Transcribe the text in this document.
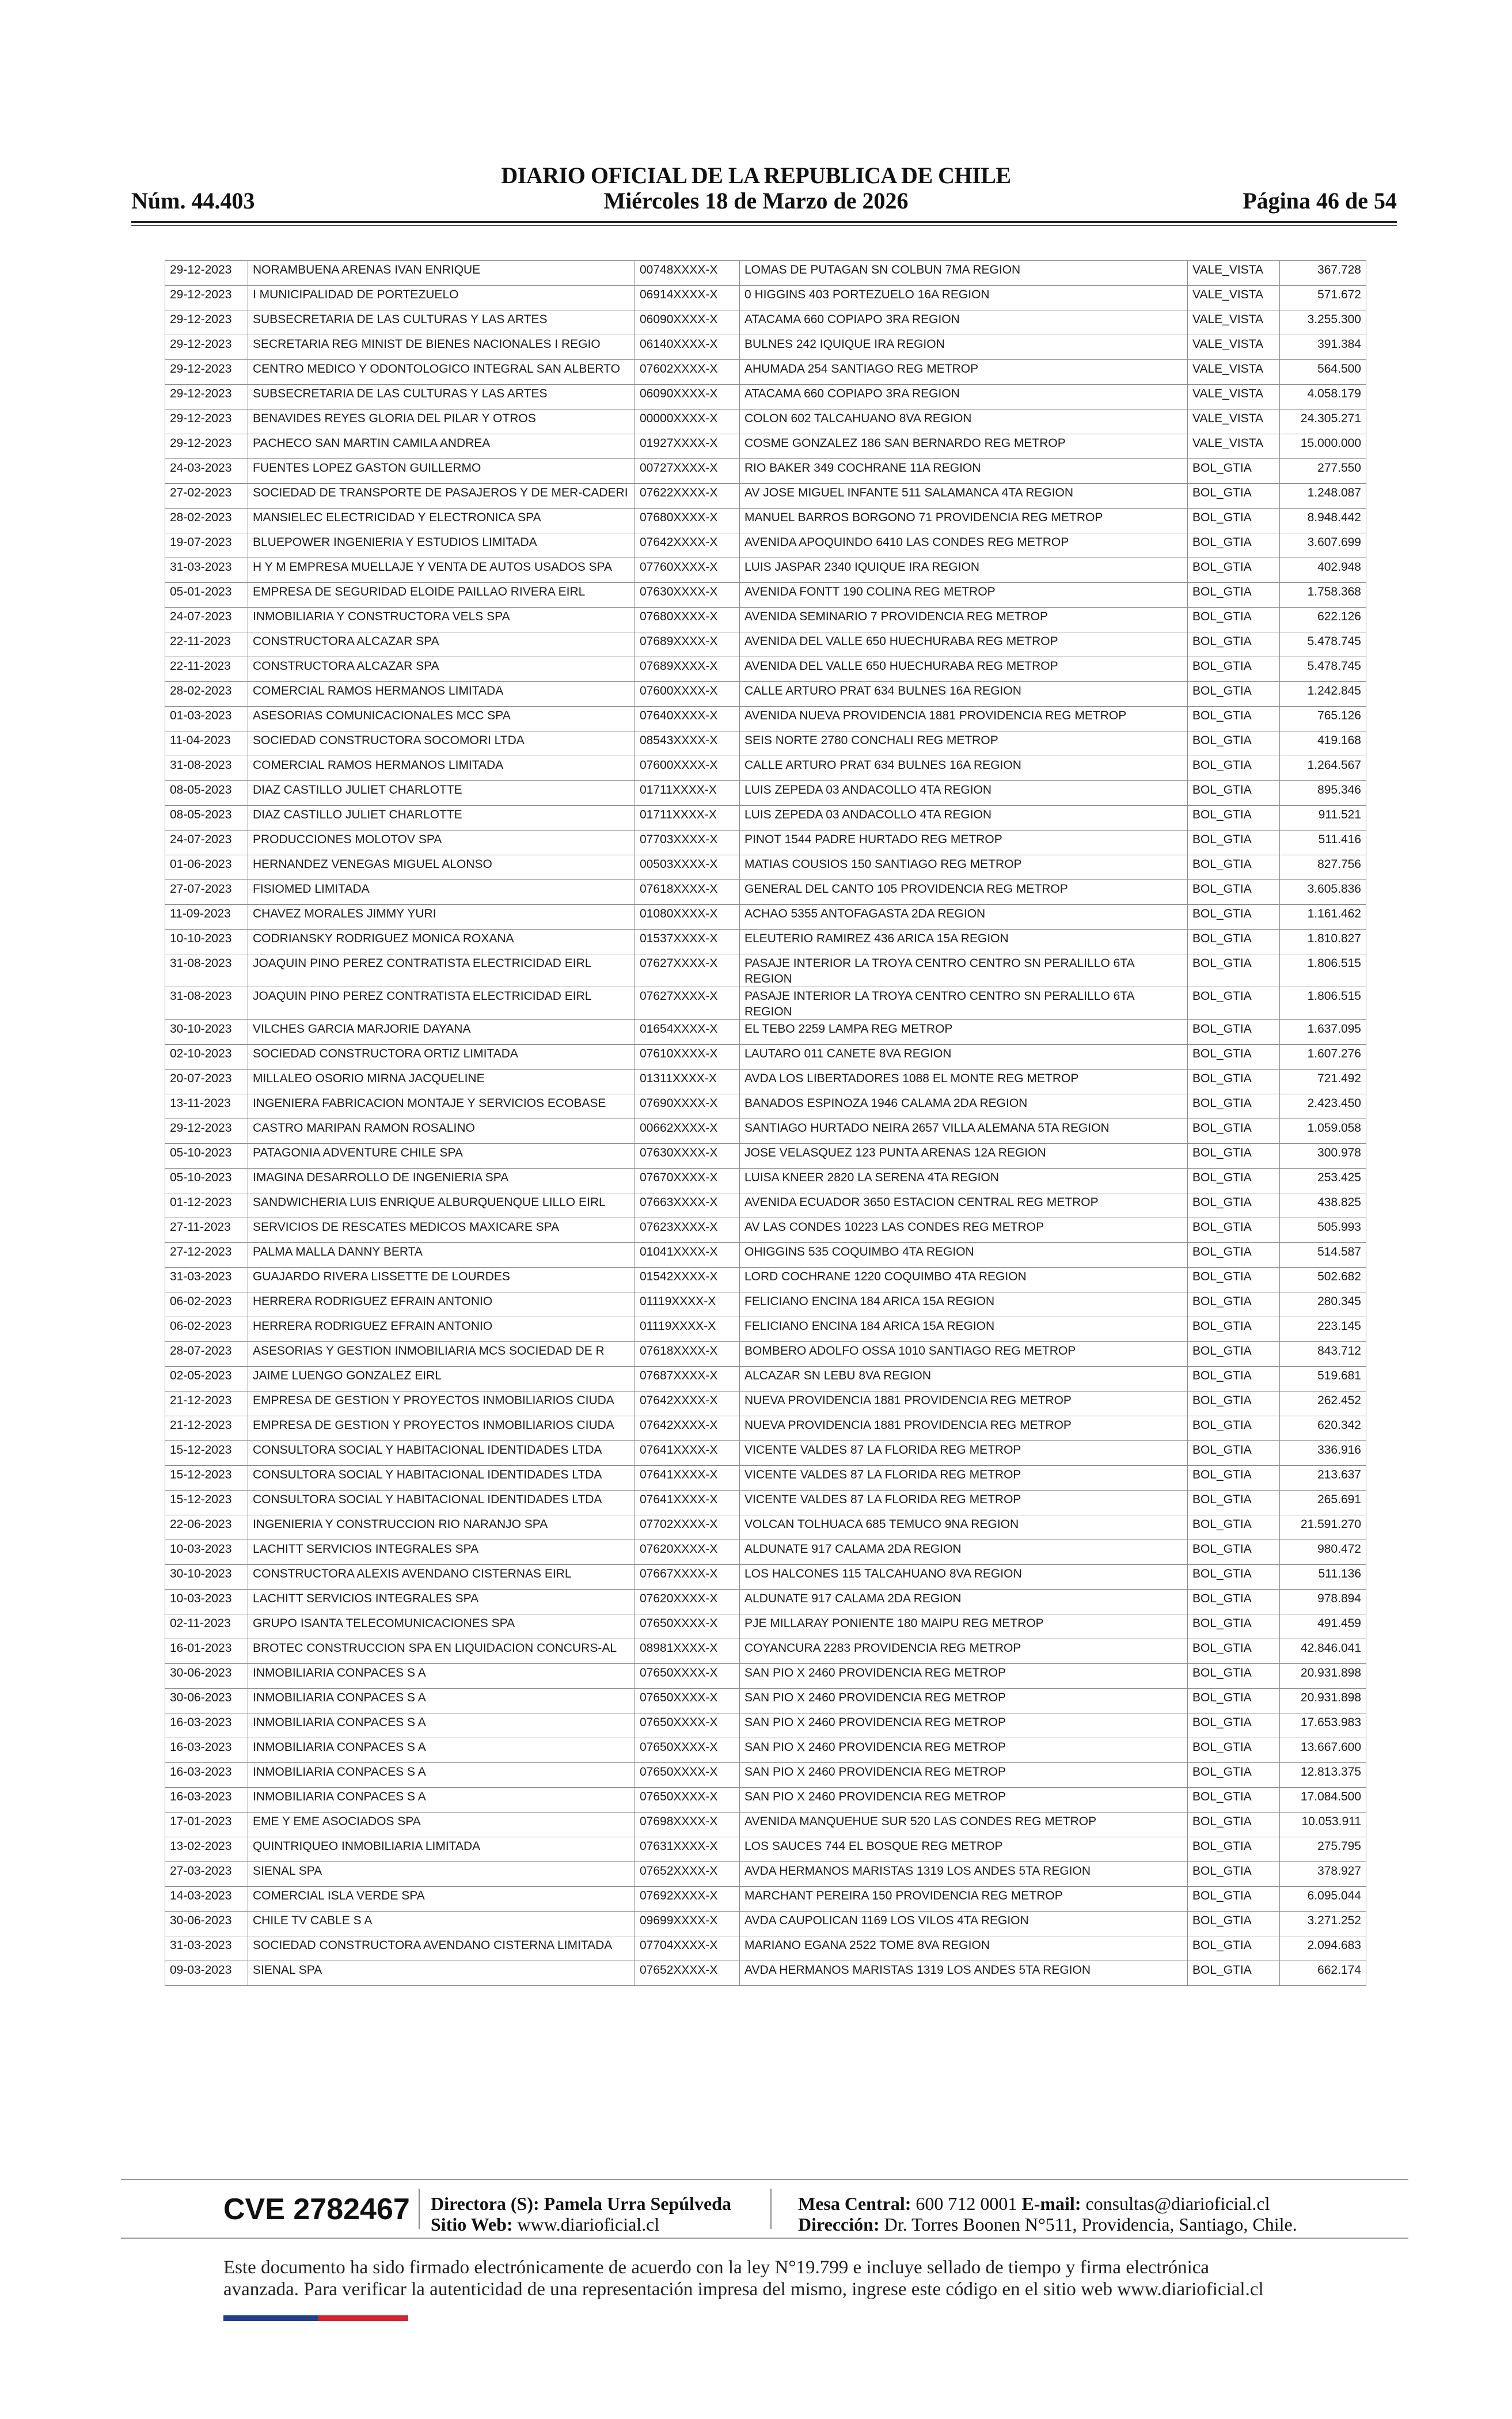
DIARIO OFICIAL DE LA REPUBLICA DE CHILE
Núm. 44.403	Miércoles 18 de Marzo de 2026	Página 46 de 54
29-12-2023	NORAMBUENA ARENAS IVAN ENRIQUE	00748XXXX-X	LOMAS DE PUTAGAN SN COLBUN 7MA REGION	VALE_VISTA	367.728
29-12-2023	I MUNICIPALIDAD DE PORTEZUELO	06914XXXX-X	0 HIGGINS 403 PORTEZUELO 16A REGION	VALE_VISTA	571.672
29-12-2023	SUBSECRETARIA DE LAS CULTURAS Y LAS ARTES	06090XXXX-X	ATACAMA 660 COPIAPO 3RA REGION	VALE_VISTA	3.255.300
29-12-2023	SECRETARIA REG MINIST DE BIENES NACIONALES I REGIO	06140XXXX-X	BULNES 242 IQUIQUE IRA REGION	VALE_VISTA	391.384
29-12-2023	CENTRO MEDICO Y ODONTOLOGICO INTEGRAL SAN ALBERTO	07602XXXX-X	AHUMADA 254 SANTIAGO REG METROP	VALE_VISTA	564.500
29-12-2023	SUBSECRETARIA DE LAS CULTURAS Y LAS ARTES	06090XXXX-X	ATACAMA 660 COPIAPO 3RA REGION	VALE_VISTA	4.058.179
29-12-2023	BENAVIDES REYES GLORIA DEL PILAR Y OTROS	00000XXXX-X	COLON 602 TALCAHUANO 8VA REGION	VALE_VISTA	24.305.271
29-12-2023	PACHECO SAN MARTIN CAMILA ANDREA	01927XXXX-X	COSME GONZALEZ 186 SAN BERNARDO REG METROP	VALE_VISTA	15.000.000
24-03-2023	FUENTES LOPEZ GASTON GUILLERMO	00727XXXX-X	RIO BAKER 349 COCHRANE 11A REGION	BOL_GTIA	277.550
27-02-2023	SOCIEDAD DE TRANSPORTE DE PASAJEROS Y DE MER-CADERI	07622XXXX-X	AV JOSE MIGUEL INFANTE 511 SALAMANCA 4TA REGION	BOL_GTIA	1.248.087
28-02-2023	MANSIELEC ELECTRICIDAD Y ELECTRONICA SPA	07680XXXX-X	MANUEL BARROS BORGONO 71 PROVIDENCIA REG METROP	BOL_GTIA	8.948.442
19-07-2023	BLUEPOWER INGENIERIA Y ESTUDIOS LIMITADA	07642XXXX-X	AVENIDA APOQUINDO 6410 LAS CONDES REG METROP	BOL_GTIA	3.607.699
31-03-2023	H Y M EMPRESA MUELLAJE Y VENTA DE AUTOS USADOS SPA	07760XXXX-X	LUIS JASPAR 2340 IQUIQUE IRA REGION	BOL_GTIA	402.948
05-01-2023	EMPRESA DE SEGURIDAD ELOIDE PAILLAO RIVERA EIRL	07630XXXX-X	AVENIDA FONTT 190 COLINA REG METROP	BOL_GTIA	1.758.368
24-07-2023	INMOBILIARIA Y CONSTRUCTORA VELS SPA	07680XXXX-X	AVENIDA SEMINARIO 7 PROVIDENCIA REG METROP	BOL_GTIA	622.126
22-11-2023	CONSTRUCTORA ALCAZAR SPA	07689XXXX-X	AVENIDA DEL VALLE 650 HUECHURABA REG METROP	BOL_GTIA	5.478.745
22-11-2023	CONSTRUCTORA ALCAZAR SPA	07689XXXX-X	AVENIDA DEL VALLE 650 HUECHURABA REG METROP	BOL_GTIA	5.478.745
28-02-2023	COMERCIAL RAMOS HERMANOS LIMITADA	07600XXXX-X	CALLE ARTURO PRAT 634 BULNES 16A REGION	BOL_GTIA	1.242.845
01-03-2023	ASESORIAS COMUNICACIONALES MCC SPA	07640XXXX-X	AVENIDA NUEVA PROVIDENCIA 1881 PROVIDENCIA REG METROP	BOL_GTIA	765.126
11-04-2023	SOCIEDAD CONSTRUCTORA SOCOMORI LTDA	08543XXXX-X	SEIS NORTE 2780 CONCHALI REG METROP	BOL_GTIA	419.168
31-08-2023	COMERCIAL RAMOS HERMANOS LIMITADA	07600XXXX-X	CALLE ARTURO PRAT 634 BULNES 16A REGION	BOL_GTIA	1.264.567
08-05-2023	DIAZ CASTILLO JULIET CHARLOTTE	01711XXXX-X	LUIS ZEPEDA 03 ANDACOLLO 4TA REGION	BOL_GTIA	895.346
08-05-2023	DIAZ CASTILLO JULIET CHARLOTTE	01711XXXX-X	LUIS ZEPEDA 03 ANDACOLLO 4TA REGION	BOL_GTIA	911.521
24-07-2023	PRODUCCIONES MOLOTOV SPA	07703XXXX-X	PINOT 1544 PADRE HURTADO REG METROP	BOL_GTIA	511.416
01-06-2023	HERNANDEZ VENEGAS MIGUEL ALONSO	00503XXXX-X	MATIAS COUSIOS 150 SANTIAGO REG METROP	BOL_GTIA	827.756
27-07-2023	FISIOMED LIMITADA	07618XXXX-X	GENERAL DEL CANTO 105 PROVIDENCIA REG METROP	BOL_GTIA	3.605.836
11-09-2023	CHAVEZ MORALES JIMMY YURI	01080XXXX-X	ACHAO 5355 ANTOFAGASTA 2DA REGION	BOL_GTIA	1.161.462
10-10-2023	CODRIANSKY RODRIGUEZ MONICA ROXANA	01537XXXX-X	ELEUTERIO RAMIREZ 436 ARICA 15A REGION	BOL_GTIA	1.810.827
31-08-2023	JOAQUIN PINO PEREZ CONTRATISTA ELECTRICIDAD EIRL	07627XXXX-X	PASAJE INTERIOR LA TROYA CENTRO CENTRO SN PERALILLO 6TA REGION	BOL_GTIA	1.806.515
31-08-2023	JOAQUIN PINO PEREZ CONTRATISTA ELECTRICIDAD EIRL	07627XXXX-X	PASAJE INTERIOR LA TROYA CENTRO CENTRO SN PERALILLO 6TA REGION	BOL_GTIA	1.806.515
30-10-2023	VILCHES GARCIA MARJORIE DAYANA	01654XXXX-X	EL TEBO 2259 LAMPA REG METROP	BOL_GTIA	1.637.095
02-10-2023	SOCIEDAD CONSTRUCTORA ORTIZ LIMITADA	07610XXXX-X	LAUTARO 011 CANETE 8VA REGION	BOL_GTIA	1.607.276
20-07-2023	MILLALEO OSORIO MIRNA JACQUELINE	01311XXXX-X	AVDA LOS LIBERTADORES 1088 EL MONTE REG METROP	BOL_GTIA	721.492
13-11-2023	INGENIERA FABRICACION MONTAJE Y SERVICIOS ECOBASE	07690XXXX-X	BANADOS ESPINOZA 1946 CALAMA 2DA REGION	BOL_GTIA	2.423.450
29-12-2023	CASTRO MARIPAN RAMON ROSALINO	00662XXXX-X	SANTIAGO HURTADO NEIRA 2657 VILLA ALEMANA 5TA REGION	BOL_GTIA	1.059.058
05-10-2023	PATAGONIA ADVENTURE CHILE SPA	07630XXXX-X	JOSE VELASQUEZ 123 PUNTA ARENAS 12A REGION	BOL_GTIA	300.978
05-10-2023	IMAGINA DESARROLLO DE INGENIERIA SPA	07670XXXX-X	LUISA KNEER 2820 LA SERENA 4TA REGION	BOL_GTIA	253.425
01-12-2023	SANDWICHERIA LUIS ENRIQUE ALBURQUENQUE LILLO EIRL	07663XXXX-X	AVENIDA ECUADOR 3650 ESTACION CENTRAL REG METROP	BOL_GTIA	438.825
27-11-2023	SERVICIOS DE RESCATES MEDICOS MAXICARE SPA	07623XXXX-X	AV LAS CONDES 10223 LAS CONDES REG METROP	BOL_GTIA	505.993
27-12-2023	PALMA MALLA DANNY BERTA	01041XXXX-X	OHIGGINS 535 COQUIMBO 4TA REGION	BOL_GTIA	514.587
31-03-2023	GUAJARDO RIVERA LISSETTE DE LOURDES	01542XXXX-X	LORD COCHRANE 1220 COQUIMBO 4TA REGION	BOL_GTIA	502.682
06-02-2023	HERRERA RODRIGUEZ EFRAIN ANTONIO	01119XXXX-X	FELICIANO ENCINA 184 ARICA 15A REGION	BOL_GTIA	280.345
06-02-2023	HERRERA RODRIGUEZ EFRAIN ANTONIO	01119XXXX-X	FELICIANO ENCINA 184 ARICA 15A REGION	BOL_GTIA	223.145
28-07-2023	ASESORIAS Y GESTION INMOBILIARIA MCS SOCIEDAD DE R	07618XXXX-X	BOMBERO ADOLFO OSSA 1010 SANTIAGO REG METROP	BOL_GTIA	843.712
02-05-2023	JAIME LUENGO GONZALEZ EIRL	07687XXXX-X	ALCAZAR SN LEBU 8VA REGION	BOL_GTIA	519.681
21-12-2023	EMPRESA DE GESTION Y PROYECTOS INMOBILIARIOS CIUDA	07642XXXX-X	NUEVA PROVIDENCIA 1881 PROVIDENCIA REG METROP	BOL_GTIA	262.452
21-12-2023	EMPRESA DE GESTION Y PROYECTOS INMOBILIARIOS CIUDA	07642XXXX-X	NUEVA PROVIDENCIA 1881 PROVIDENCIA REG METROP	BOL_GTIA	620.342
15-12-2023	CONSULTORA SOCIAL Y HABITACIONAL IDENTIDADES LTDA	07641XXXX-X	VICENTE VALDES 87 LA FLORIDA REG METROP	BOL_GTIA	336.916
15-12-2023	CONSULTORA SOCIAL Y HABITACIONAL IDENTIDADES LTDA	07641XXXX-X	VICENTE VALDES 87 LA FLORIDA REG METROP	BOL_GTIA	213.637
15-12-2023	CONSULTORA SOCIAL Y HABITACIONAL IDENTIDADES LTDA	07641XXXX-X	VICENTE VALDES 87 LA FLORIDA REG METROP	BOL_GTIA	265.691
22-06-2023	INGENIERIA Y CONSTRUCCION RIO NARANJO SPA	07702XXXX-X	VOLCAN TOLHUACA 685 TEMUCO 9NA REGION	BOL_GTIA	21.591.270
10-03-2023	LACHITT SERVICIOS INTEGRALES SPA	07620XXXX-X	ALDUNATE 917 CALAMA 2DA REGION	BOL_GTIA	980.472
30-10-2023	CONSTRUCTORA ALEXIS AVENDANO CISTERNAS EIRL	07667XXXX-X	LOS HALCONES 115 TALCAHUANO 8VA REGION	BOL_GTIA	511.136
10-03-2023	LACHITT SERVICIOS INTEGRALES SPA	07620XXXX-X	ALDUNATE 917 CALAMA 2DA REGION	BOL_GTIA	978.894
02-11-2023	GRUPO ISANTA TELECOMUNICACIONES SPA	07650XXXX-X	PJE MILLARAY PONIENTE 180 MAIPU REG METROP	BOL_GTIA	491.459
16-01-2023	BROTEC CONSTRUCCION SPA EN LIQUIDACION CONCURS-AL	08981XXXX-X	COYANCURA 2283 PROVIDENCIA REG METROP	BOL_GTIA	42.846.041
30-06-2023	INMOBILIARIA CONPACES S A	07650XXXX-X	SAN PIO X 2460 PROVIDENCIA REG METROP	BOL_GTIA	20.931.898
30-06-2023	INMOBILIARIA CONPACES S A	07650XXXX-X	SAN PIO X 2460 PROVIDENCIA REG METROP	BOL_GTIA	20.931.898
16-03-2023	INMOBILIARIA CONPACES S A	07650XXXX-X	SAN PIO X 2460 PROVIDENCIA REG METROP	BOL_GTIA	17.653.983
16-03-2023	INMOBILIARIA CONPACES S A	07650XXXX-X	SAN PIO X 2460 PROVIDENCIA REG METROP	BOL_GTIA	13.667.600
16-03-2023	INMOBILIARIA CONPACES S A	07650XXXX-X	SAN PIO X 2460 PROVIDENCIA REG METROP	BOL_GTIA	12.813.375
16-03-2023	INMOBILIARIA CONPACES S A	07650XXXX-X	SAN PIO X 2460 PROVIDENCIA REG METROP	BOL_GTIA	17.084.500
17-01-2023	EME Y EME ASOCIADOS SPA	07698XXXX-X	AVENIDA MANQUEHUE SUR 520 LAS CONDES REG METROP	BOL_GTIA	10.053.911
13-02-2023	QUINTRIQUEO INMOBILIARIA LIMITADA	07631XXXX-X	LOS SAUCES 744 EL BOSQUE REG METROP	BOL_GTIA	275.795
27-03-2023	SIENAL SPA	07652XXXX-X	AVDA HERMANOS MARISTAS 1319 LOS ANDES 5TA REGION	BOL_GTIA	378.927
14-03-2023	COMERCIAL ISLA VERDE SPA	07692XXXX-X	MARCHANT PEREIRA 150 PROVIDENCIA REG METROP	BOL_GTIA	6.095.044
30-06-2023	CHILE TV CABLE S A	09699XXXX-X	AVDA CAUPOLICAN 1169 LOS VILOS 4TA REGION	BOL_GTIA	3.271.252
31-03-2023	SOCIEDAD CONSTRUCTORA AVENDANO CISTERNA LIMITADA	07704XXXX-X	MARIANO EGANA 2522 TOME 8VA REGION	BOL_GTIA	2.094.683
09-03-2023	SIENAL SPA	07652XXXX-X	AVDA HERMANOS MARISTAS 1319 LOS ANDES 5TA REGION	BOL_GTIA	662.174
CVE 2782467 Directora (S): Pamela Urra Sepúlveda
Sitio Web: www.diarioficial.cl
Mesa Central: 600 712 0001 E-mail: consultas@diarioficial.cl
Dirección: Dr. Torres Boonen N°511, Providencia, Santiago, Chile.
Este documento ha sido firmado electrónicamente de acuerdo con la ley N°19.799 e incluye sellado de tiempo y firma electrónica
avanzada. Para verificar la autenticidad de una representación impresa del mismo, ingrese este código en el sitio web www.diarioficial.cl
